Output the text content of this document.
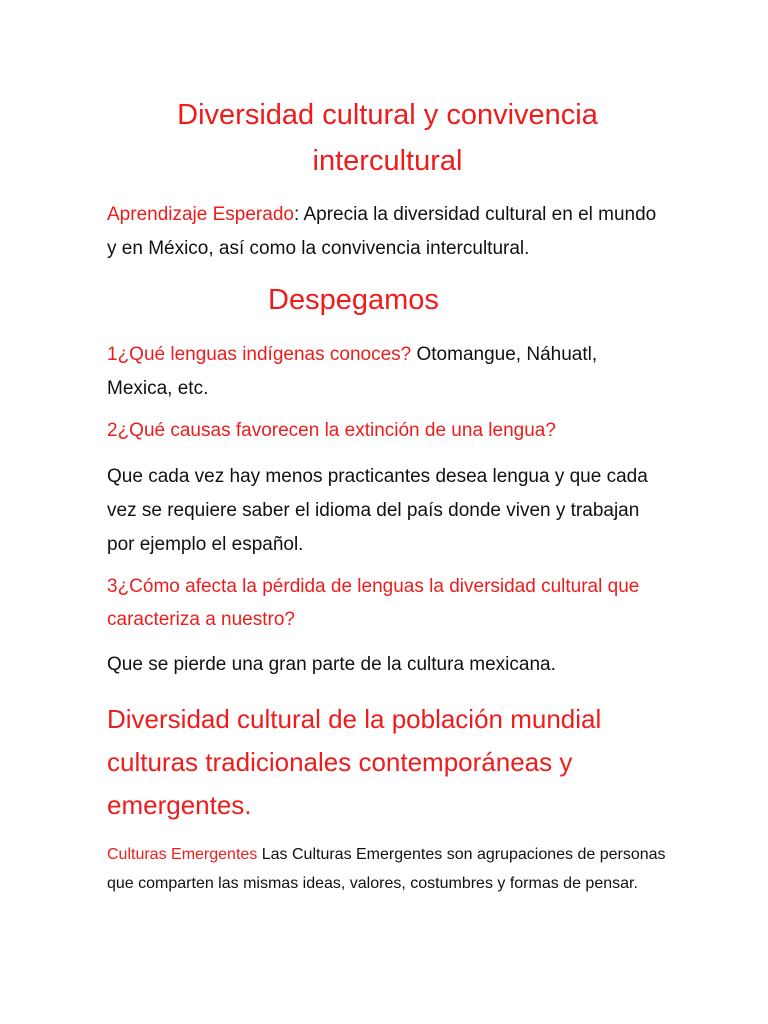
Diversidad cultural y convivencia intercultural

Aprendizaje Esperado: Aprecia la diversidad cultural en el mundo y en México, así como la convivencia intercultural.

Despegamos

1¿Qué lenguas indígenas conoces? Otomangue, Náhuatl, Mexica, etc.

2¿Qué causas favorecen la extinción de una lengua?

Que cada vez hay menos practicantes desea lengua y que cada vez se requiere saber el idioma del país donde viven y trabajan por ejemplo el español.

3¿Cómo afecta la pérdida de lenguas la diversidad cultural que caracteriza a nuestro?

Que se pierde una gran parte de la cultura mexicana.

Diversidad cultural de la población mundial culturas tradicionales contemporáneas y emergentes.

Culturas Emergentes Las Culturas Emergentes son agrupaciones de personas que comparten las mismas ideas, valores, costumbres y formas de pensar.
